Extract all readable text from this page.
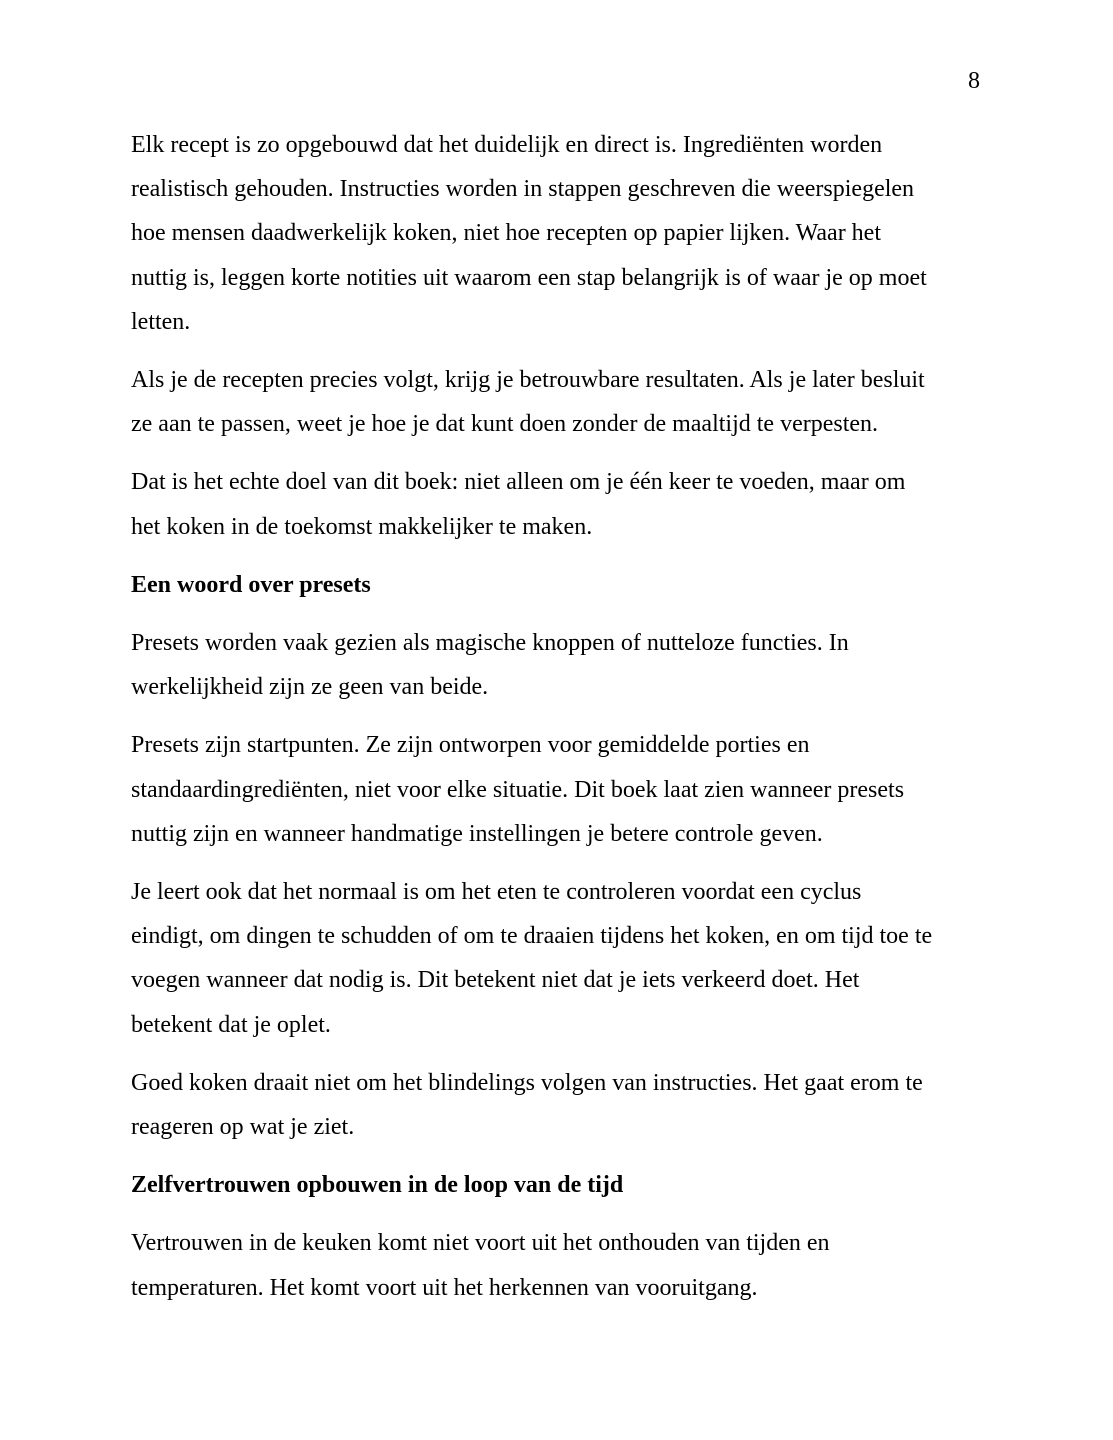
8

Elk recept is zo opgebouwd dat het duidelijk en direct is. Ingrediënten worden
realistisch gehouden. Instructies worden in stappen geschreven die weerspiegelen
hoe mensen daadwerkelijk koken, niet hoe recepten op papier lijken. Waar het
nuttig is, leggen korte notities uit waarom een stap belangrijk is of waar je op moet
letten.

Als je de recepten precies volgt, krijg je betrouwbare resultaten. Als je later besluit
ze aan te passen, weet je hoe je dat kunt doen zonder de maaltijd te verpesten.

Dat is het echte doel van dit boek: niet alleen om je één keer te voeden, maar om
het koken in de toekomst makkelijker te maken.

Een woord over presets

Presets worden vaak gezien als magische knoppen of nutteloze functies. In
werkelijkheid zijn ze geen van beide.

Presets zijn startpunten. Ze zijn ontworpen voor gemiddelde porties en
standaardingrediënten, niet voor elke situatie. Dit boek laat zien wanneer presets
nuttig zijn en wanneer handmatige instellingen je betere controle geven.

Je leert ook dat het normaal is om het eten te controleren voordat een cyclus
eindigt, om dingen te schudden of om te draaien tijdens het koken, en om tijd toe te
voegen wanneer dat nodig is. Dit betekent niet dat je iets verkeerd doet. Het
betekent dat je oplet.

Goed koken draait niet om het blindelings volgen van instructies. Het gaat erom te
reageren op wat je ziet.

Zelfvertrouwen opbouwen in de loop van de tijd

Vertrouwen in de keuken komt niet voort uit het onthouden van tijden en
temperaturen. Het komt voort uit het herkennen van vooruitgang.
